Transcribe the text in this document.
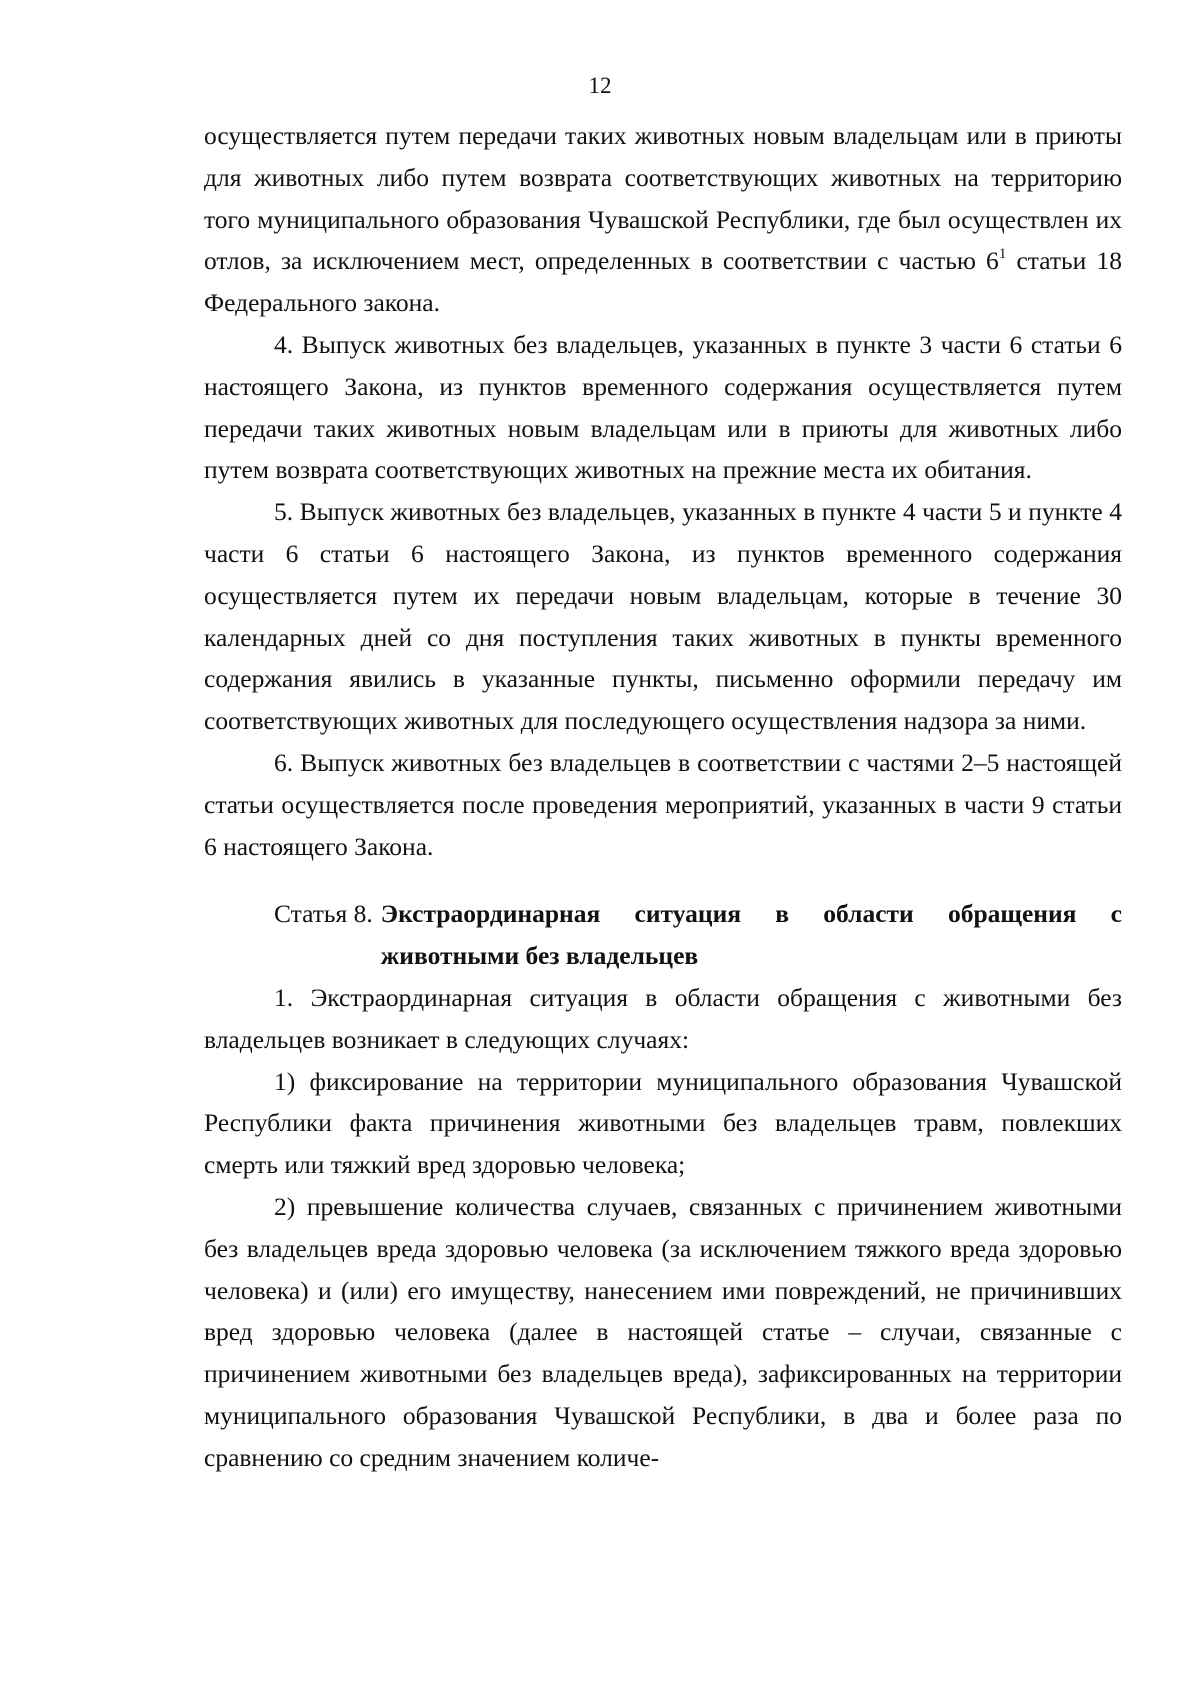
12

осуществляется путем передачи таких животных новым владельцам или в приюты для животных либо путем возврата соответствующих животных на территорию того муниципального образования Чувашской Республики, где был осуществлен их отлов, за исключением мест, определенных в соответствии с частью $6^1$ статьи 18 Федерального закона.

4. Выпуск животных без владельцев, указанных в пункте 3 части 6 статьи 6 настоящего Закона, из пунктов временного содержания осуществляется путем передачи таких животных новым владельцам или в приюты для животных либо путем возврата соответствующих животных на прежние места их обитания.

5. Выпуск животных без владельцев, указанных в пункте 4 части 5 и пункте 4 части 6 статьи 6 настоящего Закона, из пунктов временного содержания осуществляется путем их передачи новым владельцам, которые в течение 30 календарных дней со дня поступления таких животных в пункты временного содержания явились в указанные пункты, письменно оформили передачу им соответствующих животных для последующего осуществления надзора за ними.

6. Выпуск животных без владельцев в соответствии с частями 2–5 настоящей статьи осуществляется после проведения мероприятий, указанных в части 9 статьи 6 настоящего Закона.

Статья 8. Экстраординарная ситуация в области обращения с животными без владельцев

1. Экстраординарная ситуация в области обращения с животными без владельцев возникает в следующих случаях:

1) фиксирование на территории муниципального образования Чувашской Республики факта причинения животными без владельцев травм, повлекших смерть или тяжкий вред здоровью человека;

2) превышение количества случаев, связанных с причинением животными без владельцев вреда здоровью человека (за исключением тяжкого вреда здоровью человека) и (или) его имуществу, нанесением ими повреждений, не причинивших вред здоровью человека (далее в настоящей статье – случаи, связанные с причинением животными без владельцев вреда), зафиксированных на территории муниципального образования Чувашской Республики, в два и более раза по сравнению со средним значением количе-
